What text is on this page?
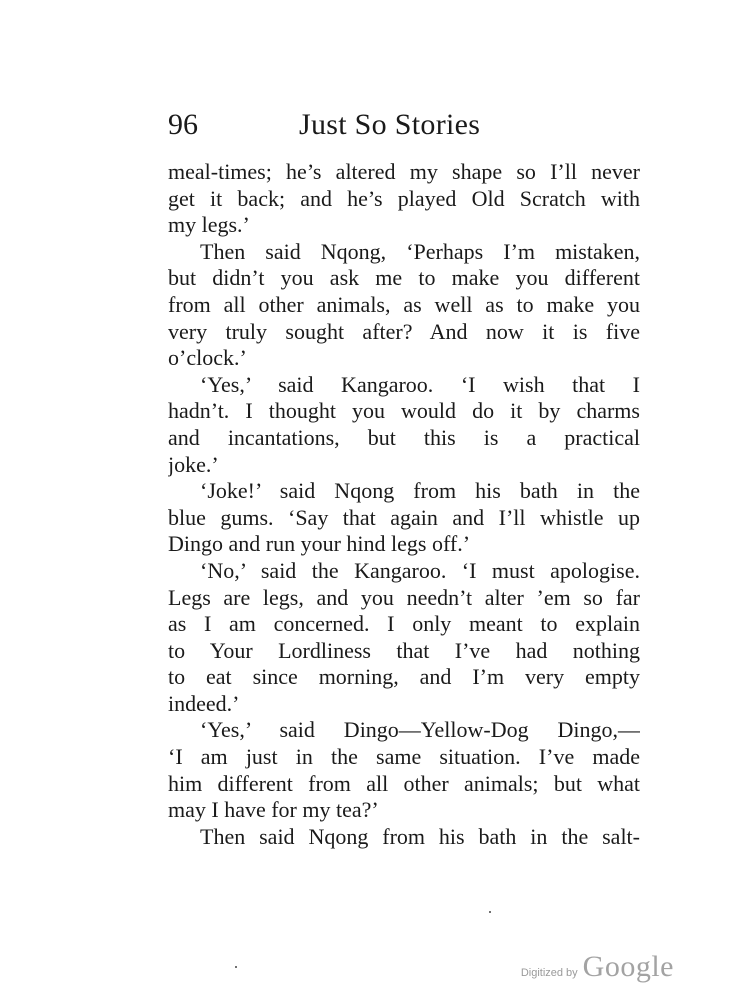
96	Just So Stories
meal-times; he’s altered my shape so I’ll never
get it back; and he’s played Old Scratch with
my legs.’
Then said Nqong, ‘Perhaps I’m mistaken,
but didn’t you ask me to make you different
from all other animals, as well as to make you
very truly sought after? And now it is five
o’clock.’
‘Yes,’ said Kangaroo. ‘I wish that I
hadn’t. I thought you would do it by charms
and incantations, but this is a practical
joke.’
‘Joke!’ said Nqong from his bath in the
blue gums. ‘Say that again and I’ll whistle up
Dingo and run your hind legs off.’
‘No,’ said the Kangaroo. ‘I must apologise.
Legs are legs, and you needn’t alter ’em so far
as I am concerned. I only meant to explain
to Your Lordliness that I’ve had nothing
to eat since morning, and I’m very empty
indeed.’
‘Yes,’ said Dingo—Yellow-Dog Dingo,—
‘I am just in the same situation. I’ve made
him different from all other animals; but what
may I have for my tea?’
Then said Nqong from his bath in the salt-
Digitized by Google
